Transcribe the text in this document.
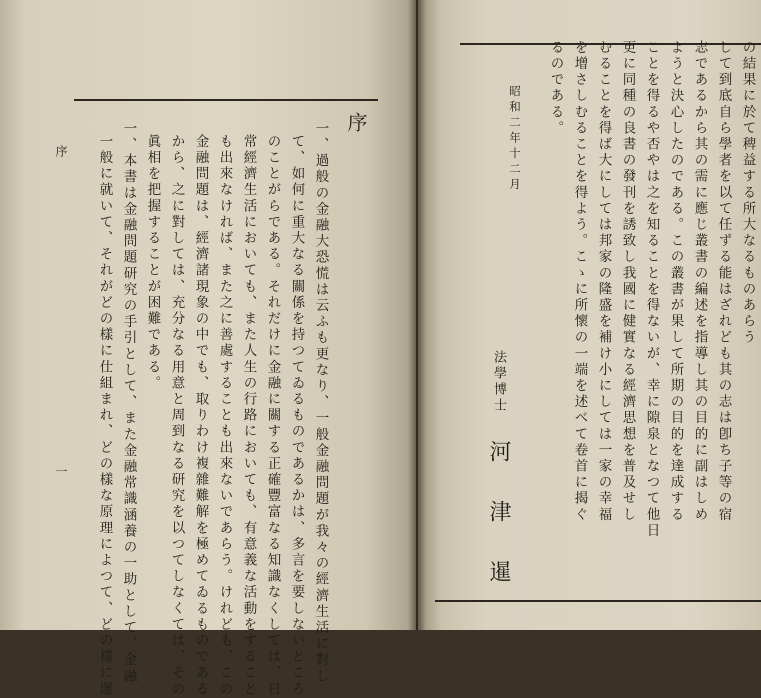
序
一、過般の金融大恐慌は云ふも更なり、一般金融問題が我々の經濟生活に對し
て、如何に重大なる關係を持つてゐるものであるかは、多言を要しないところ
のことがらである。それだけに金融に關する正確豐富なる知識なくしては、日
常經濟生活においても、また人生の行路においても、有意義な活動をすること
も出來なければ、また之に善處することも出來ないであらう。けれども、この
金融問題は、經濟諸現象の中でも、取りわけ複雜難解を極めてゐるものである
から、之に對しては、充分なる用意と周到なる研究を以つてしなくては、その
眞相を把握することが困難である。
一、本書は金融問題研究の手引として、また金融常識涵養の一助として、金融
一般に就いて、それがどの樣に仕組まれ、どの樣な原理によつて、どの樣に運
序
一
の結果に於て稗益する所大なるものあらう
して到底自ら學者を以て任ずる能はざれども其の志は卽ち子等の宿
志であるから其の需に應じ叢書の編述を指導し其の目的に副はしめ
ようと決心したのである。この叢書が果して所期の目的を達成する
ことを得るや否やは之を知ることを得ないが、幸に隙泉となつて他日
更に同種の良書の發刊を誘致し我國に健實なる經濟思想を普及せし
むることを得ば大にしては邦家の隆盛を補け小にしては一家の幸福
を增さしむることを得よう。こゝに所懷の一端を述べて卷首に揭ぐ
るのである。
昭和二年十二月
法學博士
河津暹
